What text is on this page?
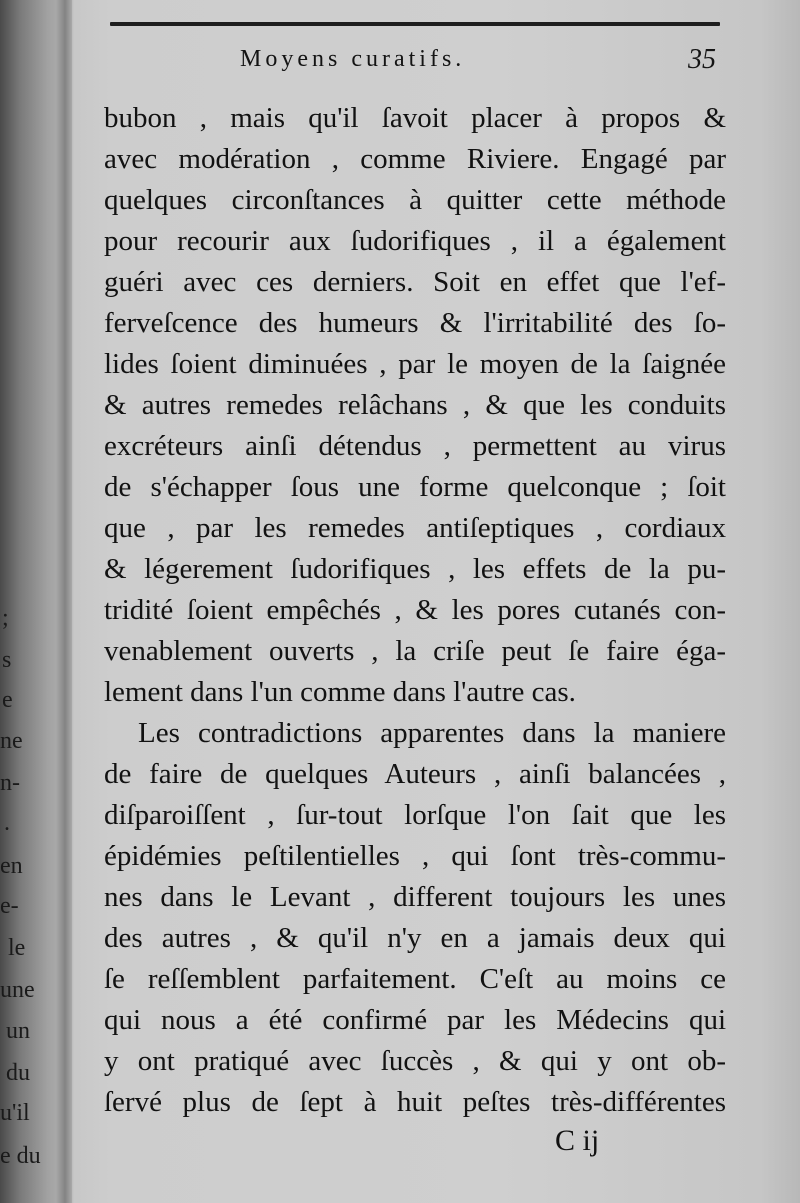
;
s
e
ne
n-
.
en
e-
le
une
un
du
u'il
e du
Moyens curatifs.	35
bubon , mais qu'il ſavoit placer à propos &
avec modération , comme Riviere. Engagé par
quelques circonſtances à quitter cette méthode
pour recourir aux ſudorifiques , il a également
guéri avec ces derniers. Soit en effet que l'ef-
ferveſcence des humeurs & l'irritabilité des ſo-
lides ſoient diminuées , par le moyen de la ſaignée
& autres remedes relâchans , & que les conduits
excréteurs ainſi détendus , permettent au virus
de s'échapper ſous une forme quelconque ; ſoit
que , par les remedes antiſeptiques , cordiaux
& légerement ſudorifiques , les effets de la pu-
tridité ſoient empêchés , & les pores cutanés con-
venablement ouverts , la criſe peut ſe faire éga-
lement dans l'un comme dans l'autre cas.
Les contradictions apparentes dans la maniere
de faire de quelques Auteurs , ainſi balancées ,
diſparoiſſent , ſur-tout lorſque l'on ſait que les
épidémies peſtilentielles , qui ſont très-commu-
nes dans le Levant , different toujours les unes
des autres , & qu'il n'y en a jamais deux qui
ſe reſſemblent parfaitement. C'eſt au moins ce
qui nous a été confirmé par les Médecins qui
y ont pratiqué avec ſuccès , & qui y ont ob-
ſervé plus de ſept à huit peſtes très-différentes
C ij
